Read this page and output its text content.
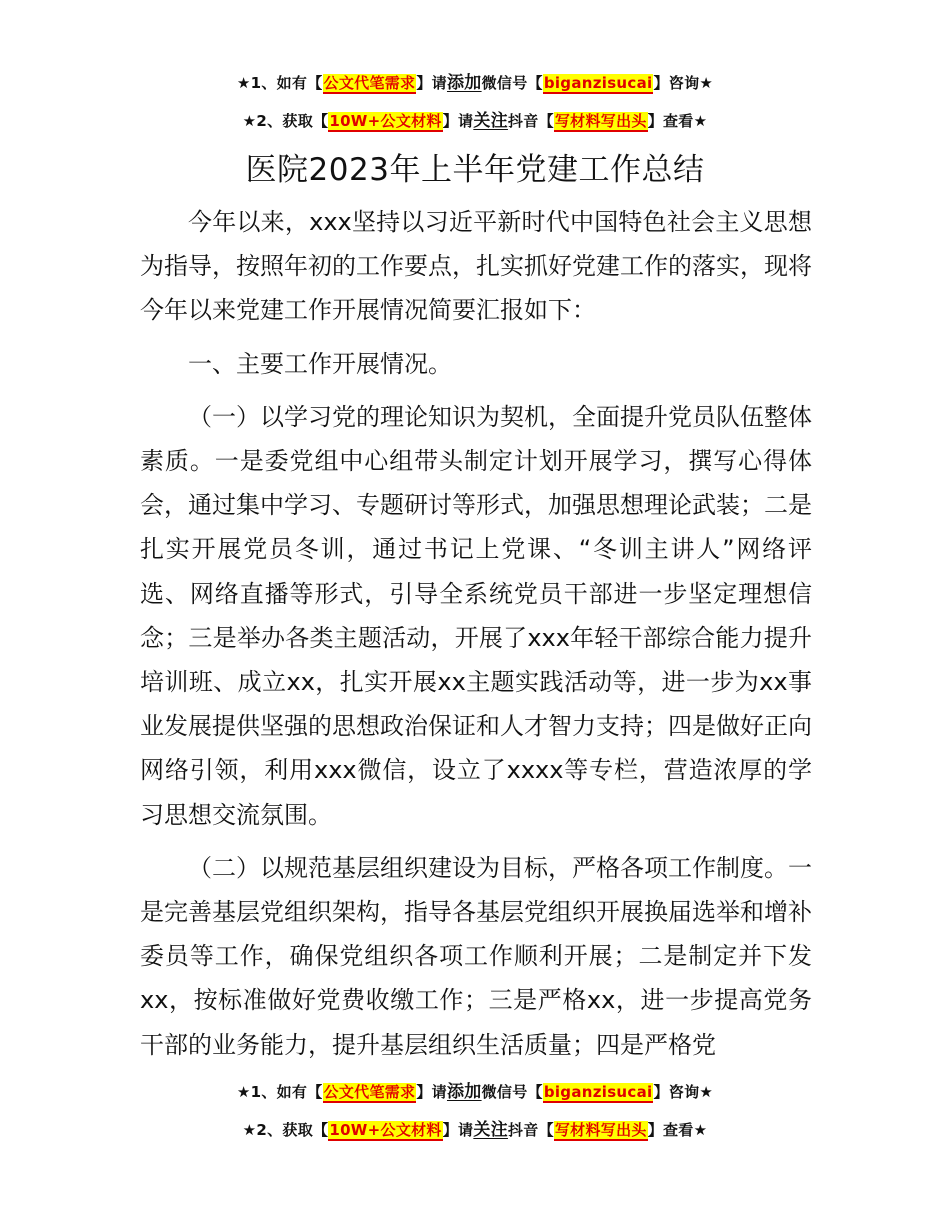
★1、如有【公文代笔需求】请添加微信号【biganzisucai】咨询★
★2、获取【10W+公文材料】请关注抖音【写材料写出头】查看★
医院2023年上半年党建工作总结

今年以来，xxx坚持以习近平新时代中国特色社会主义思想为指导，按照年初的工作要点，扎实抓好党建工作的落实，现将今年以来党建工作开展情况简要汇报如下：

一、主要工作开展情况。

（一）以学习党的理论知识为契机，全面提升党员队伍整体素质。一是委党组中心组带头制定计划开展学习，撰写心得体会，通过集中学习、专题研讨等形式，加强思想理论武装；二是扎实开展党员冬训，通过书记上党课、“冬训主讲人”网络评选、网络直播等形式，引导全系统党员干部进一步坚定理想信念；三是举办各类主题活动，开展了xxx年轻干部综合能力提升培训班、成立xx，扎实开展xx主题实践活动等，进一步为xx事业发展提供坚强的思想政治保证和人才智力支持；四是做好正向网络引领，利用xxx微信，设立了xxxx等专栏，营造浓厚的学习思想交流氛围。

（二）以规范基层组织建设为目标，严格各项工作制度。一是完善基层党组织架构，指导各基层党组织开展换届选举和增补委员等工作，确保党组织各项工作顺利开展；二是制定并下发xx，按标准做好党费收缴工作；三是严格xx，进一步提高党务干部的业务能力，提升基层组织生活质量；四是严格党

★1、如有【公文代笔需求】请添加微信号【biganzisucai】咨询★
★2、获取【10W+公文材料】请关注抖音【写材料写出头】查看★
